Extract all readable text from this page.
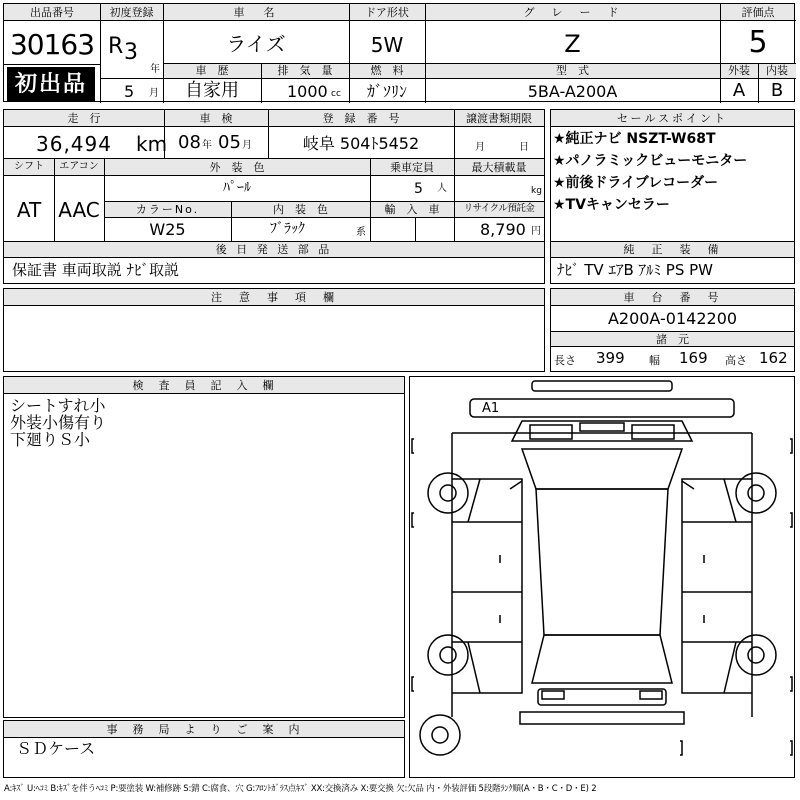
出品番号
30163
初出品
初度登録
R 3
年
5 月
車　名
ライズ
ドア形状
5W
グ　レ　ー　ド
Z
評価点
5
車　歴
自家用
排　気　量
1000 cc
燃　料
ｶﾞｿﾘﾝ
型　式
5BA-A200A
外装
A
内装
B
走　行
36,494 km
車　検
08 年 05 月
登　録　番　号
岐阜 504ﾄ5452
譲渡書類期限
月	日
シフト
AT
エアコン
AAC
外　装　色
ﾊﾟｰﾙ
乗車定員
5 人
最大積載量
kg
カラーNo.
W25
内　装　色
ﾌﾞﾗｯｸ	系
輸　入　車	リサイクル預託金
8,790 円
後 日 発 送 部 品
保証書 車両取説 ﾅﾋﾞ取説
セールスポイント
★純正ナビ NSZT-W68T
★パノラミックビューモニター
★前後ドライブレコーダー
★TVキャンセラー
純　正　装　備
ﾅﾋﾞ TV ｴｱB ｱﾙﾐ PS PW
注　意　事　項　欄	車　台　番　号
A200A-0142200
諸　元
長さ 399 幅 169 高さ 162
検　査　員　記　入　欄
シートすれ小
外装小傷有り
下廻りＳ小
事　務　局　よ　り　ご　案　内
ＳＤケース
A1
A:ｷｽﾞ U:ﾍｺﾐ B:ｷｽﾞを伴うﾍｺﾐ P:要塗装 W:補修跡 S:錆 C:腐食、穴 G:ﾌﾛﾝﾄｶﾞﾗｽ点ｷｽﾞ XX:交換済み X:要交換 欠:欠品 内・外装評価 5段階ﾗﾝｸ順(A・B・C・D・E) 2
